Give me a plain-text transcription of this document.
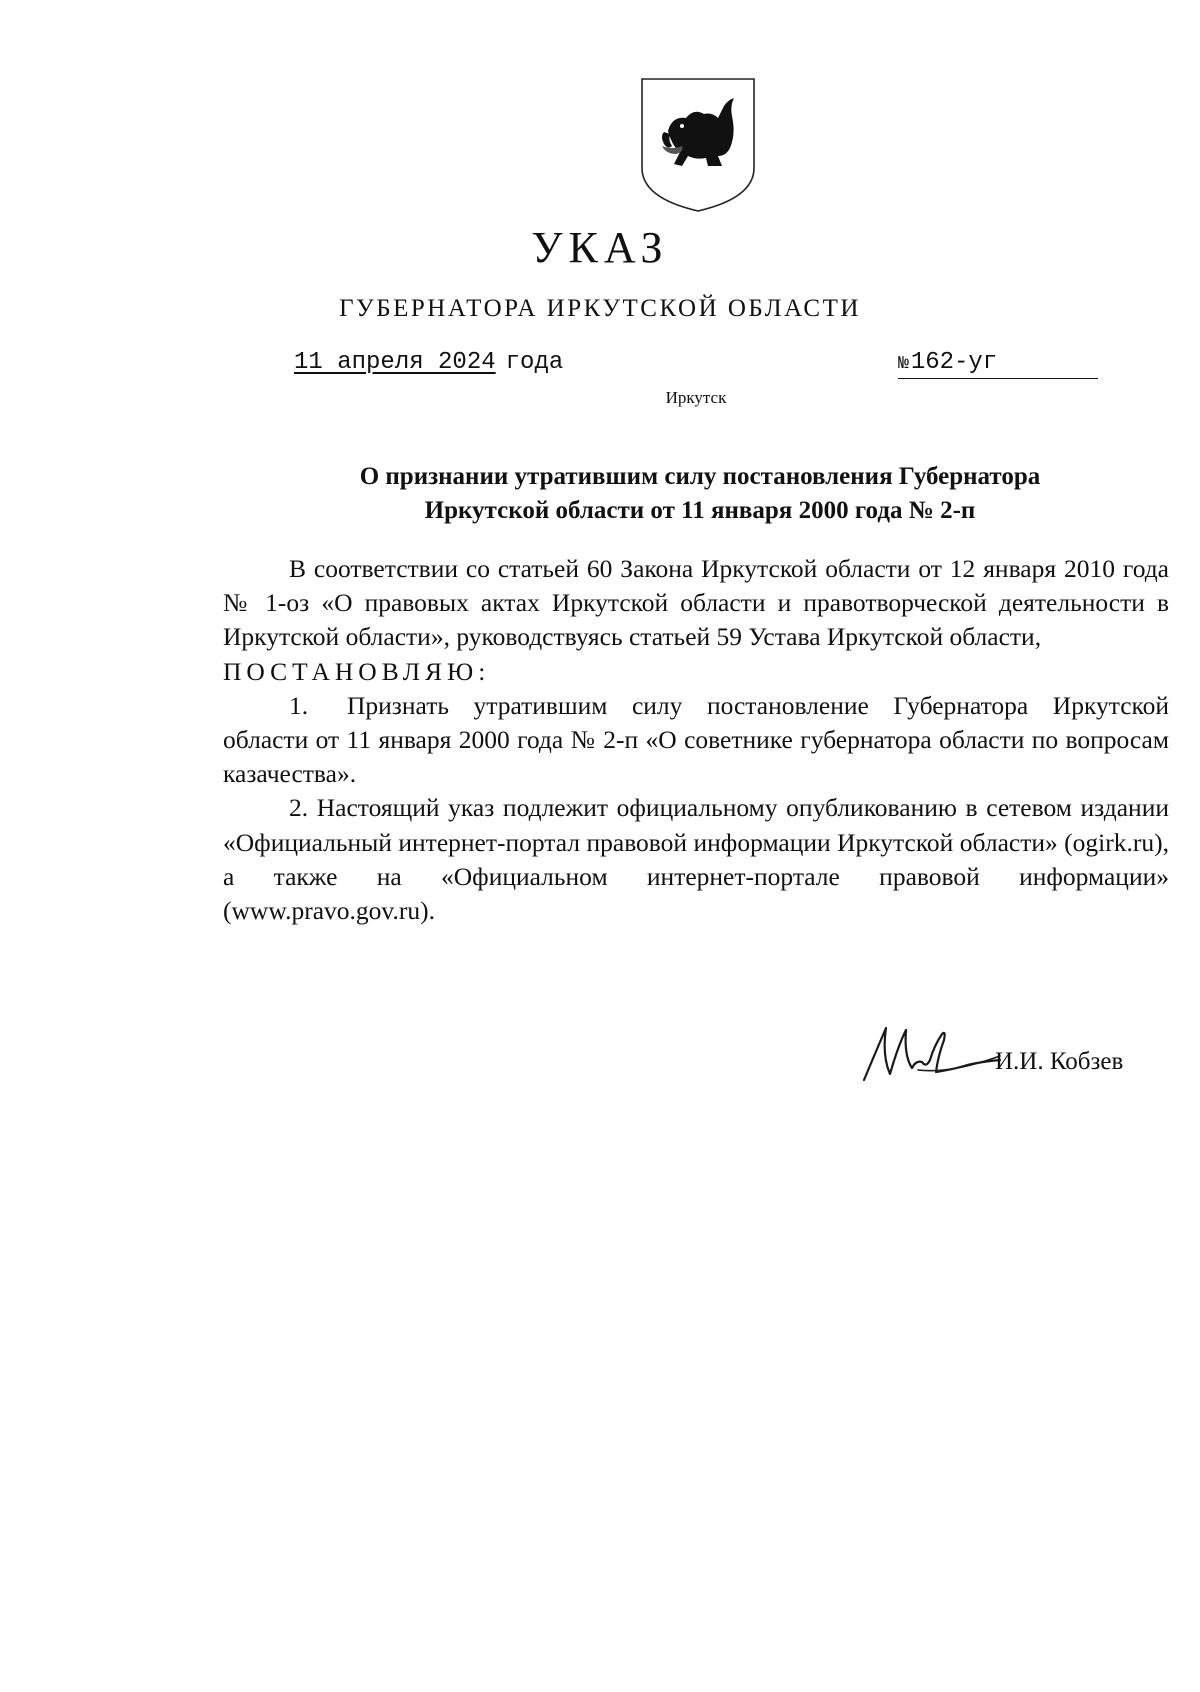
УКАЗ
ГУБЕРНАТОРА ИРКУТСКОЙ ОБЛАСТИ
11 апреля 2024 года	№162-уг
Иркутск
О признании утратившим силу постановления Губернатора
Иркутской области от 11 января 2000 года № 2-п

В соответствии со статьей 60 Закона Иркутской области от 12 января 2010 года № 1-оз «О правовых актах Иркутской области и правотворческой деятельности в Иркутской области», руководствуясь статьей 59 Устава Иркутской области,

ПОСТАНОВЛЯЮ:

1. Признать утратившим силу постановление Губернатора Иркутской области от 11 января 2000 года № 2-п «О советнике губернатора области по вопросам казачества».

2. Настоящий указ подлежит официальному опубликованию в сетевом издании «Официальный интернет-портал правовой информации Иркутской области» (ogirk.ru), а также на «Официальном интернет-портале правовой информации» (www.pravo.gov.ru).

И.И. Кобзев
